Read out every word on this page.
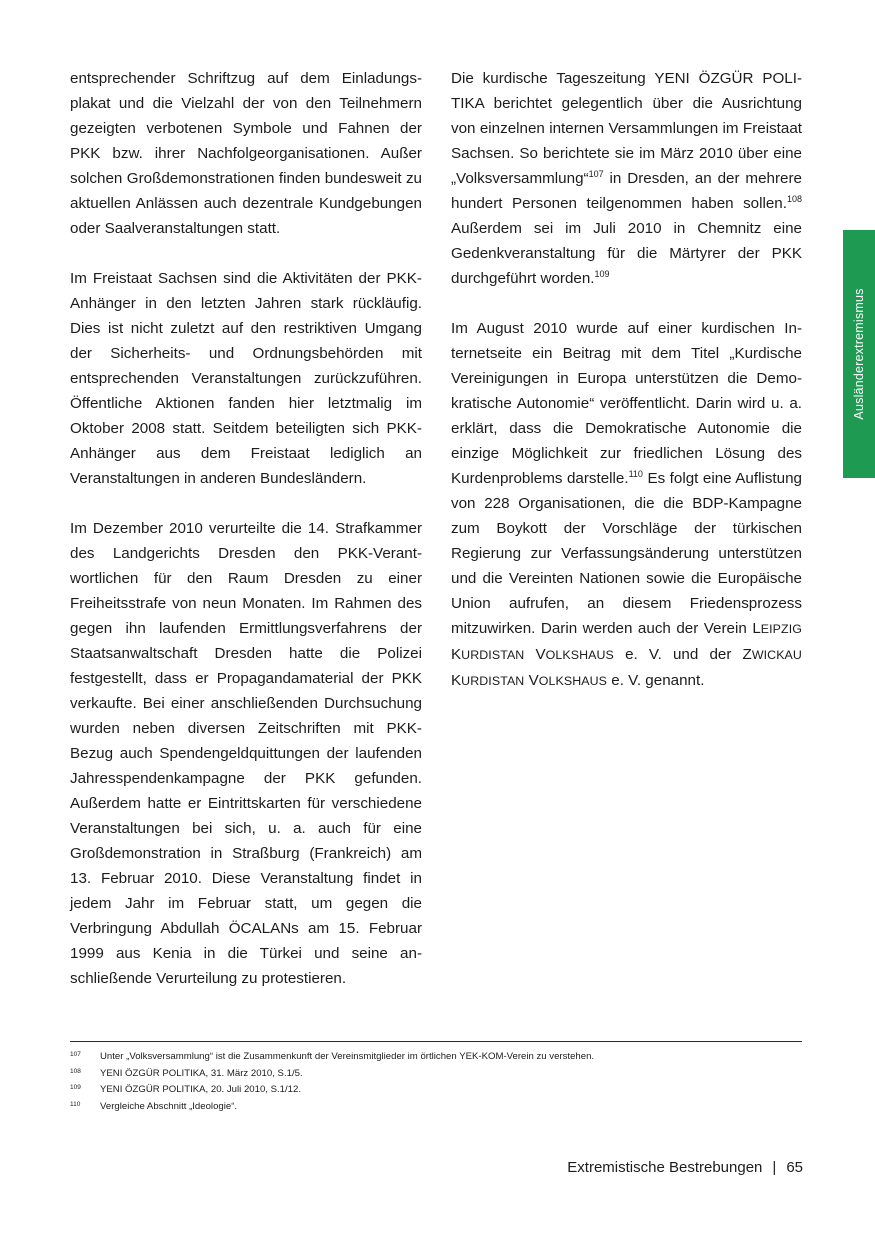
Ausländerextremismus

entsprechender Schriftzug auf dem Einladungsplakat und die Vielzahl der von den Teilnehmern gezeigten verbotenen Symbole und Fahnen der PKK bzw. ihrer Nachfolgeorganisationen. Außer solchen Großdemonstrationen finden bundesweit zu aktuellen Anlässen auch dezentrale Kundgebungen oder Saalveranstaltungen statt.

Im Freistaat Sachsen sind die Aktivitäten der PKK-Anhänger in den letzten Jahren stark rückläufig. Dies ist nicht zuletzt auf den restriktiven Umgang der Sicherheits- und Ordnungsbehörden mit entsprechenden Veranstaltungen zurückzuführen. Öffentliche Aktionen fanden hier letztmalig im Oktober 2008 statt. Seitdem beteiligten sich PKK-Anhänger aus dem Freistaat lediglich an Veranstaltungen in anderen Bundesländern.

Im Dezember 2010 verurteilte die 14. Strafkammer des Landgerichts Dresden den PKK-Verantwortlichen für den Raum Dresden zu einer Freiheitsstrafe von neun Monaten. Im Rahmen des gegen ihn laufenden Ermittlungsverfahrens der Staatsanwaltschaft Dresden hatte die Polizei festgestellt, dass er Propagandamaterial der PKK verkaufte. Bei einer anschließenden Durchsuchung wurden neben diversen Zeitschriften mit PKK-Bezug auch Spendengeldquittungen der laufenden Jahresspendenkampagne der PKK gefunden. Außerdem hatte er Eintrittskarten für verschiedene Veranstaltungen bei sich, u. a. auch für eine Großdemonstration in Straßburg (Frankreich) am 13. Februar 2010. Diese Veranstaltung findet in jedem Jahr im Februar statt, um gegen die Verbringung Abdullah ÖCALANs am 15. Februar 1999 aus Kenia in die Türkei und seine anschließende Verurteilung zu protestieren.

Die kurdische Tageszeitung YENI ÖZGÜR POLITIKA berichtet gelegentlich über die Ausrichtung von einzelnen internen Versammlungen im Freistaat Sachsen. So berichtete sie im März 2010 über eine „Volksversammlung“$^{107}$ in Dresden, an der mehrere hundert Personen teilgenommen haben sollen.$^{108}$ Außerdem sei im Juli 2010 in Chemnitz eine Gedenkveranstaltung für die Märtyrer der PKK durchgeführt worden.$^{109}$

Im August 2010 wurde auf einer kurdischen Internetseite ein Beitrag mit dem Titel „Kurdische Vereinigungen in Europa unterstützen die Demokratische Autonomie“ veröffentlicht. Darin wird u. a. erklärt, dass die Demokratische Autonomie die einzige Möglichkeit zur friedlichen Lösung des Kurdenproblems darstelle.$^{110}$ Es folgt eine Auflistung von 228 Organisationen, die die BDP-Kampagne zum Boykott der Vorschläge der türkischen Regierung zur Verfassungsänderung unterstützen und die Vereinten Nationen sowie die Europäische Union aufrufen, an diesem Friedensprozess mitzuwirken. Darin werden auch der Verein LEIPZIG KURDISTAN VOLKSHAUS e. V. und der ZWICKAU KURDISTAN VOLKSHAUS e. V. genannt.

107	Unter „Volksversammlung“ ist die Zusammenkunft der Vereinsmitglieder im örtlichen YEK-KOM-Verein zu verstehen.
108	YENI ÖZGÜR POLITIKA, 31. März 2010, S.1/5.
109	YENI ÖZGÜR POLITIKA, 20. Juli 2010, S.1/12.
110	Vergleiche Abschnitt „Ideologie“.
Extremistische Bestrebungen | 65
